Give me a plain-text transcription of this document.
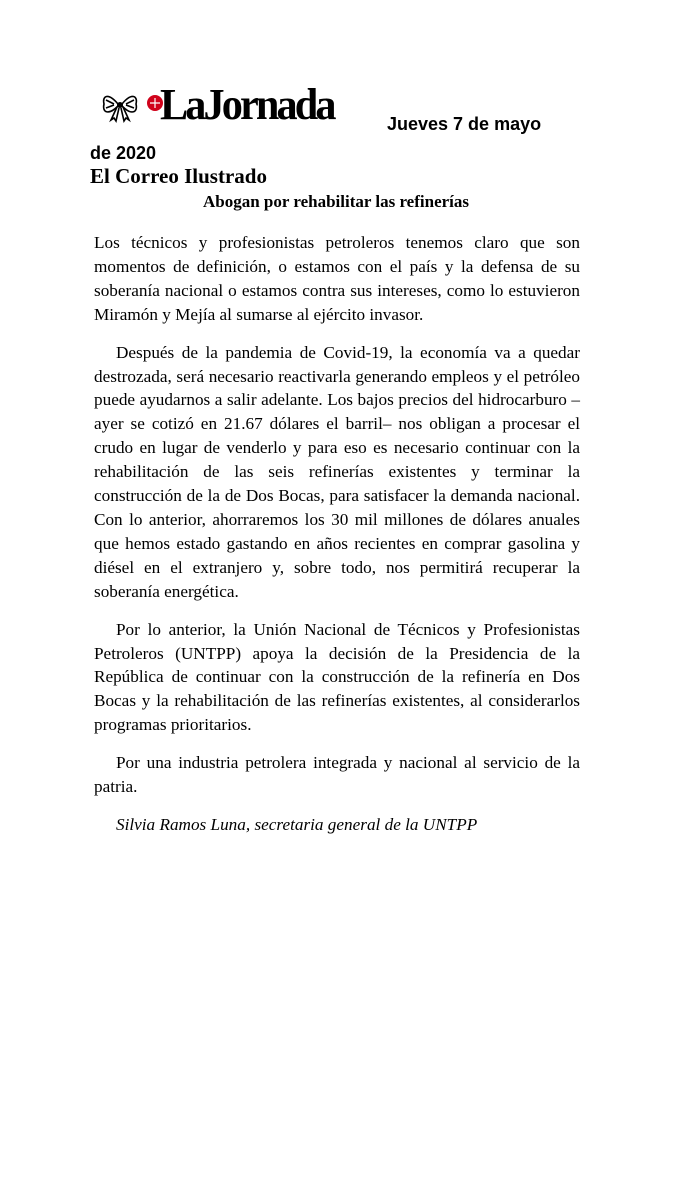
LaJornada	Jueves 7 de mayo
de 2020
El Correo Ilustrado
Abogan por rehabilitar las refinerías

Los técnicos y profesionistas petroleros tenemos claro que son momentos de definición, o estamos con el país y la defensa de su soberanía nacional o estamos contra sus intereses, como lo estuvieron Miramón y Mejía al sumarse al ejército invasor.

Después de la pandemia de Covid-19, la economía va a quedar destrozada, será necesario reactivarla generando empleos y el petróleo puede ayudarnos a salir adelante. Los bajos precios del hidrocarburo –ayer se cotizó en 21.67 dólares el barril– nos obligan a procesar el crudo en lugar de venderlo y para eso es necesario continuar con la rehabilitación de las seis refinerías existentes y terminar la construcción de la de Dos Bocas, para satisfacer la demanda nacional. Con lo anterior, ahorraremos los 30 mil millones de dólares anuales que hemos estado gastando en años recientes en comprar gasolina y diésel en el extranjero y, sobre todo, nos permitirá recuperar la soberanía energética.

Por lo anterior, la Unión Nacional de Técnicos y Profesionistas Petroleros (UNTPP) apoya la decisión de la Presidencia de la República de continuar con la construcción de la refinería en Dos Bocas y la rehabilitación de las refinerías existentes, al considerarlos programas prioritarios.

Por una industria petrolera integrada y nacional al servicio de la patria.

Silvia Ramos Luna, secretaria general de la UNTPP
